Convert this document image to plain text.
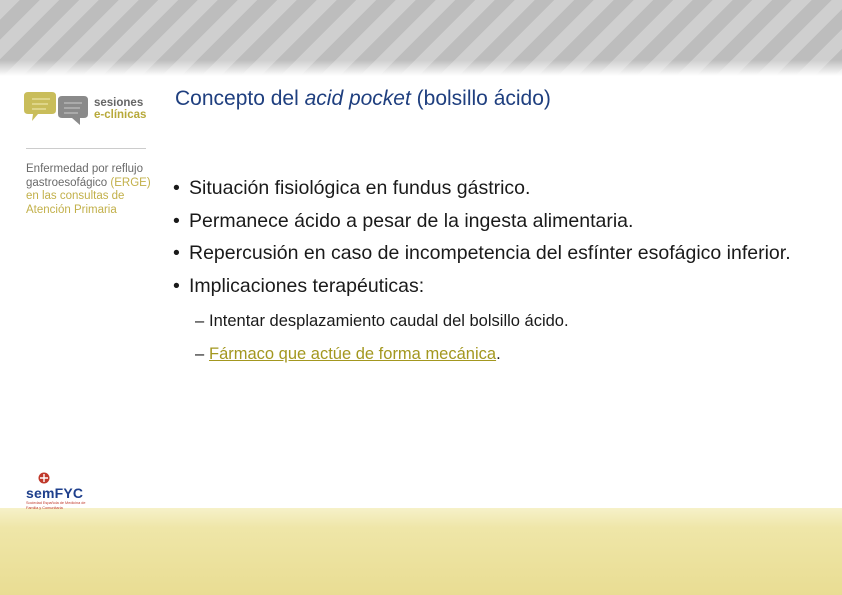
sesiones
e-clínicas
Enfermedad por reflujo
gastroesofágico (ERGE)
en las consultas de
Atención Primaria
semFYC
Sociedad Española de Medicina de Familia y Comunitaria
Concepto del acid pocket (bolsillo ácido)
• Situación fisiológica en fundus gástrico.
• Permanece ácido a pesar de la ingesta alimentaria.
• Repercusión en caso de incompetencia del esfínter esofágico inferior.
• Implicaciones terapéuticas:
– Intentar desplazamiento caudal del bolsillo ácido.
– Fármaco que actúe de forma mecánica.
